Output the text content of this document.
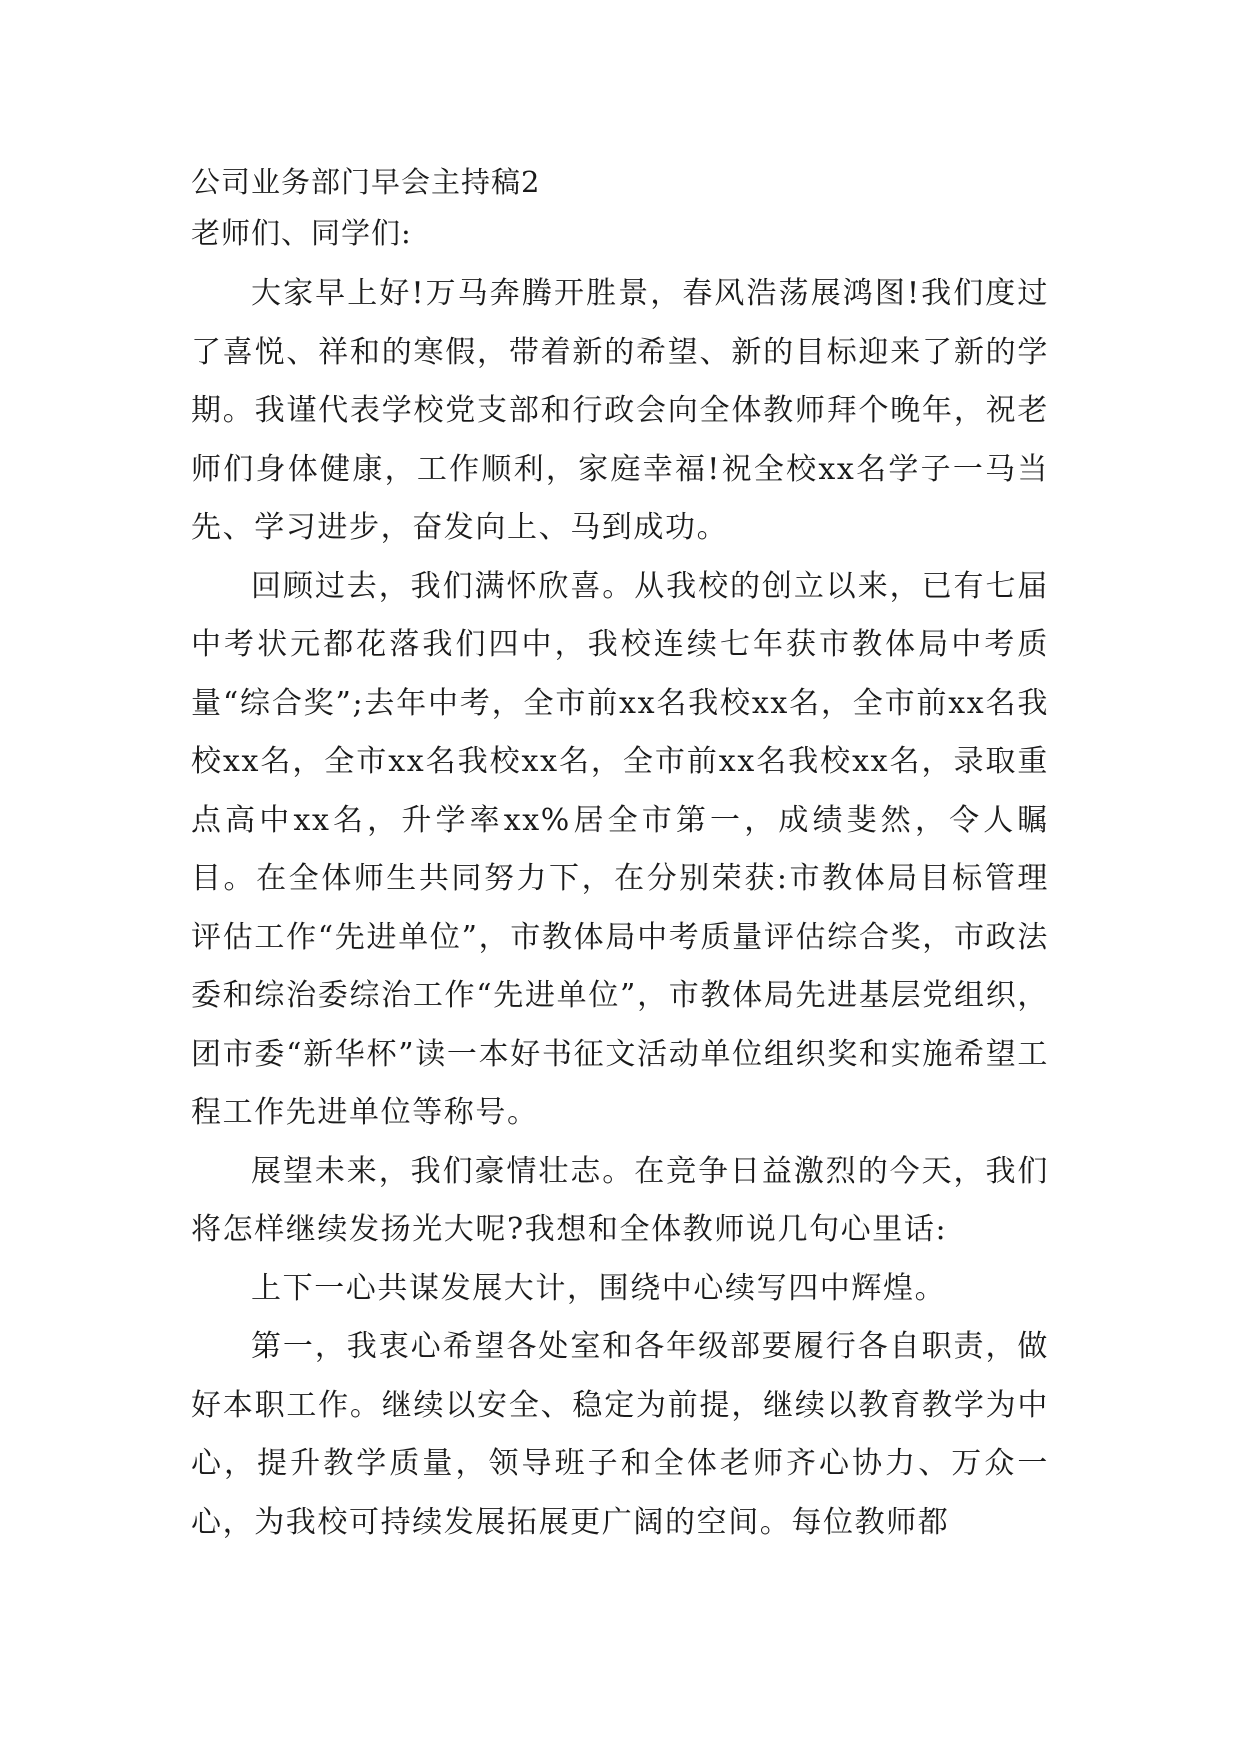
公司业务部门早会主持稿2

老师们、同学们:

大家早上好!万马奔腾开胜景，春风浩荡展鸿图!我们度过了喜悦、祥和的寒假，带着新的希望、新的目标迎来了新的学期。我谨代表学校党支部和行政会向全体教师拜个晚年，祝老师们身体健康，工作顺利，家庭幸福!祝全校xx名学子一马当先、学习进步，奋发向上、马到成功。

回顾过去，我们满怀欣喜。从我校的创立以来，已有七届中考状元都花落我们四中，我校连续七年获市教体局中考质量“综合奖”;去年中考，全市前xx名我校xx名，全市前xx名我校xx名，全市xx名我校xx名，全市前xx名我校xx名，录取重点高中xx名，升学率xx%居全市第一，成绩斐然，令人瞩目。在全体师生共同努力下，在分别荣获:市教体局目标管理评估工作“先进单位”，市教体局中考质量评估综合奖，市政法委和综治委综治工作“先进单位”，市教体局先进基层党组织，团市委“新华杯”读一本好书征文活动单位组织奖和实施希望工程工作先进单位等称号。

展望未来，我们豪情壮志。在竞争日益激烈的今天，我们将怎样继续发扬光大呢?我想和全体教师说几句心里话:

上下一心共谋发展大计，围绕中心续写四中辉煌。

第一，我衷心希望各处室和各年级部要履行各自职责，做好本职工作。继续以安全、稳定为前提，继续以教育教学为中心，提升教学质量，领导班子和全体老师齐心协力、万众一心，为我校可持续发展拓展更广阔的空间。每位教师都
